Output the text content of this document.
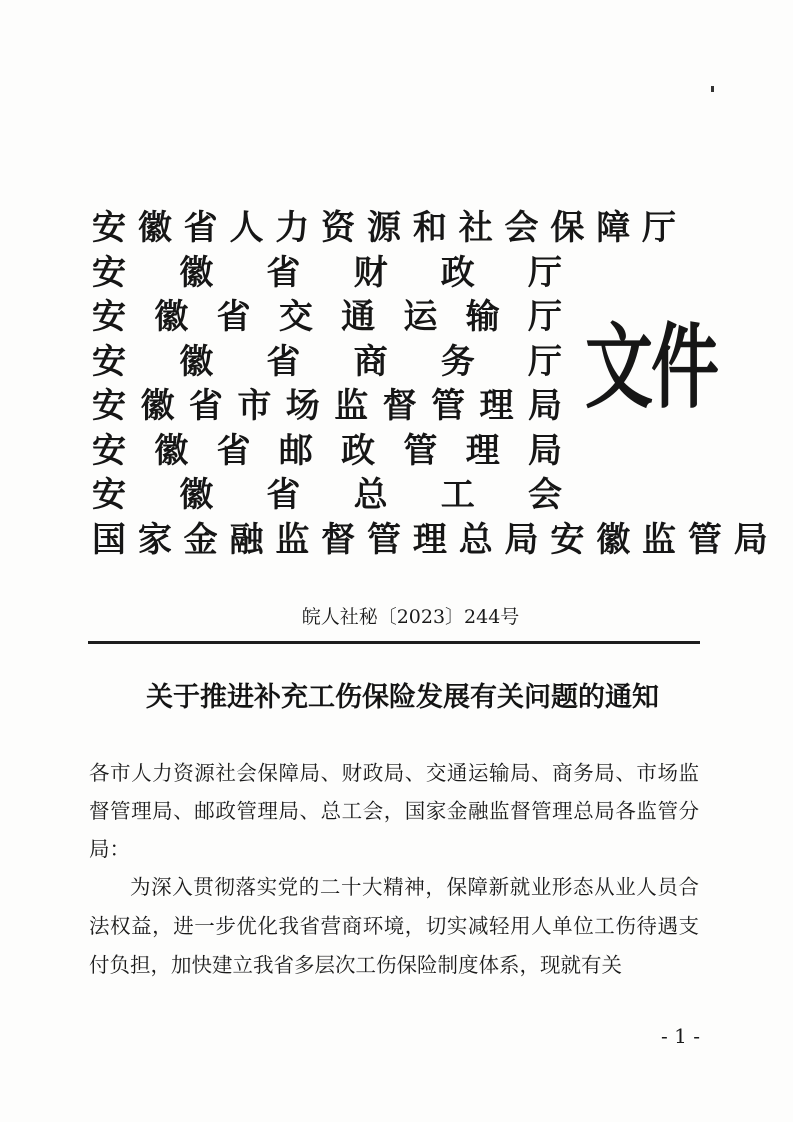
安 徽 省 人 力 资 源 和 社 会 保 障 厅
安 徽 省 财 政 厅
安 徽 省 交 通 运 输 厅
安 徽 省 商 务 厅
安 徽 省 市 场 监 督 管 理 局
安 徽 省 邮 政 管 理 局
安 徽 省 总 工 会
国 家 金 融 监 督 管 理 总 局 安 徽 监 管 局
文件
皖人社秘〔2023〕244号
关于推进补充工伤保险发展有关问题的通知
各市人力资源社会保障局、财政局、交通运输局、商务局、市场监督管理局、邮政管理局、总工会，国家金融监督管理总局各监管分局：
为深入贯彻落实党的二十大精神，保障新就业形态从业人员合法权益，进一步优化我省营商环境，切实减轻用人单位工伤待遇支付负担，加快建立我省多层次工伤保险制度体系，现就有关
- 1 -
